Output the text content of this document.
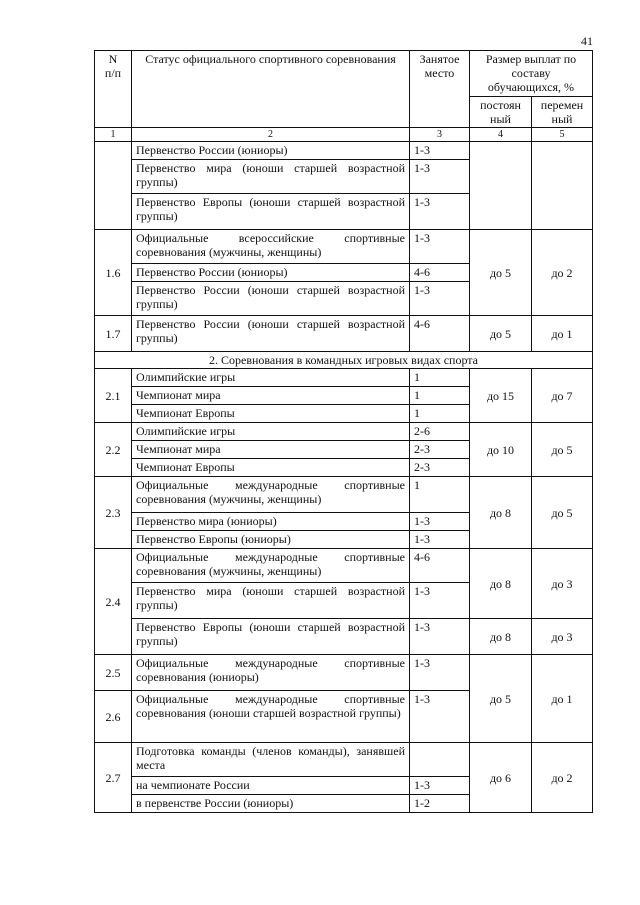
41
N
п/п	Статус официального спортивного соревнования	Занятое место	Размер выплат по составу обучающихся, %	
			постоян ный	перемен ный
1	2	3	4	5
	Первенство России (юниоры)	1-3		
	Первенство мира (юноши старшей возрастной группы)	1-3		
	Первенство Европы (юноши старшей возрастной группы)	1-3		
1.6	Официальные всероссийские спортивные соревнования (мужчины, женщины)	1-3	до 5	до 2
	Первенство России (юниоры)	4-6		
	Первенство России (юноши старшей возрастной группы)	1-3		
1.7	Первенство России (юноши старшей возрастной группы)	4-6	до 5	до 1
2. Соревнования в командных игровых видах спорта				
2.1	Олимпийские игры	1	до 15	до 7
	Чемпионат мира	1		
	Чемпионат Европы	1		
2.2	Олимпийские игры	2-6	до 10	до 5
	Чемпионат мира	2-3		
	Чемпионат Европы	2-3		
2.3	Официальные международные спортивные соревнования (мужчины, женщины)	1	до 8	до 5
	Первенство мира (юниоры)	1-3		
	Первенство Европы (юниоры)	1-3		
2.4	Официальные международные спортивные соревнования (мужчины, женщины)	4-6	до 8	до 3
	Первенство мира (юноши старшей возрастной группы)	1-3		
	Первенство Европы (юноши старшей возрастной группы)	1-3	до 8	до 3
2.5	Официальные международные спортивные соревнования (юниоры)	1-3	до 5	до 1
2.6	Официальные международные спортивные соревнования (юноши старшей возрастной группы)	1-3		
2.7	Подготовка команды (членов команды), занявшей места		до 6	до 2
	на чемпионате России	1-3		
	в первенстве России (юниоры)	1-2		
